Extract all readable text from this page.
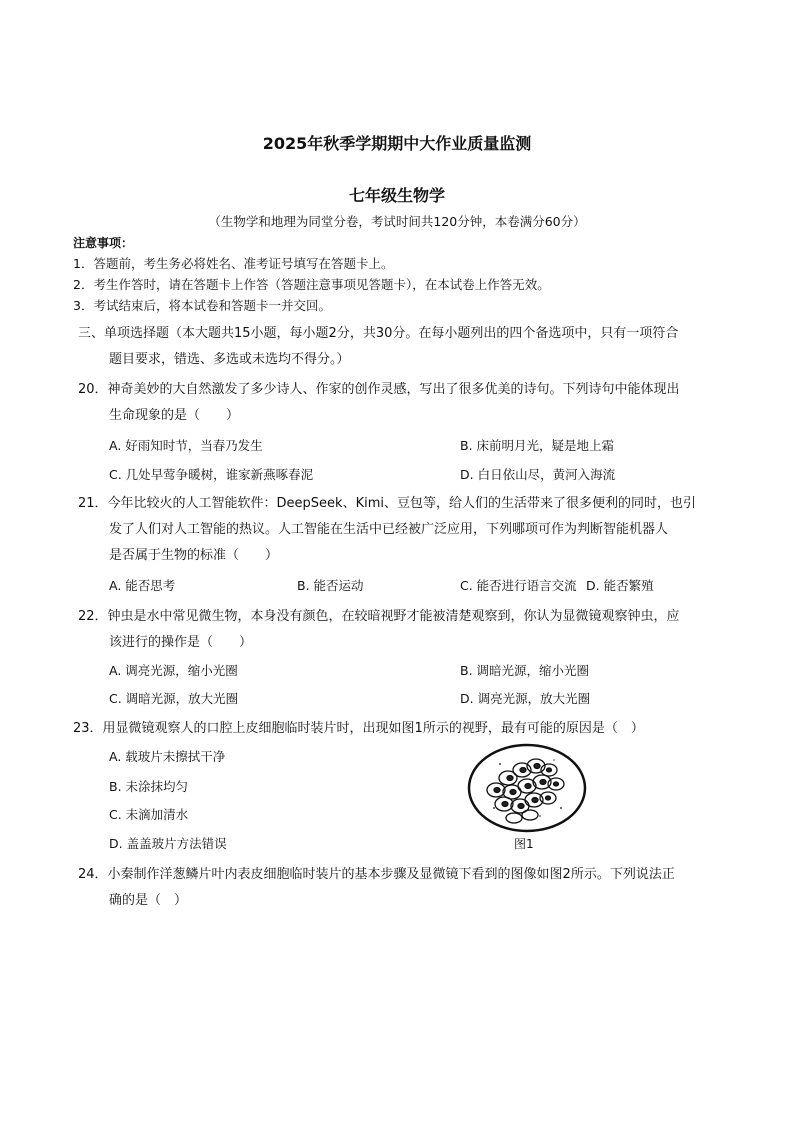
2025年秋季学期期中大作业质量监测
七年级生物学
（生物学和地理为同堂分卷，考试时间共120分钟，本卷满分60分）
注意事项：
1．答题前，考生务必将姓名、准考证号填写在答题卡上。
2．考生作答时，请在答题卡上作答（答题注意事项见答题卡），在本试卷上作答无效。
3．考试结束后，将本试卷和答题卡一并交回。
三、单项选择题（本大题共15小题，每小题2分，共30分。在每小题列出的四个备选项中，只有一项符合
题目要求，错选、多选或未选均不得分。）
20．神奇美妙的大自然激发了多少诗人、作家的创作灵感，写出了很多优美的诗句。下列诗句中能体现出
生命现象的是（　　）
A. 好雨知时节，当春乃发生	B. 床前明月光，疑是地上霜
C. 几处早莺争暖树，谁家新燕啄春泥	D. 白日依山尽，黄河入海流
21．今年比较火的人工智能软件：DeepSeek、Kimi、豆包等，给人们的生活带来了很多便利的同时，也引
发了人们对人工智能的热议。人工智能在生活中已经被广泛应用，下列哪项可作为判断智能机器人
是否属于生物的标准（　　）
A. 能否思考	B. 能否运动	C. 能否进行语言交流 D. 能否繁殖
22．钟虫是水中常见微生物，本身没有颜色，在较暗视野才能被清楚观察到，你认为显微镜观察钟虫，应
该进行的操作是（　　）
A. 调亮光源，缩小光圈	B. 调暗光源，缩小光圈
C. 调暗光源，放大光圈	D. 调亮光源，放大光圈
23．用显微镜观察人的口腔上皮细胞临时装片时，出现如图1所示的视野，最有可能的原因是（　）
A. 载玻片未擦拭干净
B. 未涂抹均匀
C. 未滴加清水
D. 盖盖玻片方法错误	图1
24．小秦制作洋葱鳞片叶内表皮细胞临时装片的基本步骤及显微镜下看到的图像如图2所示。下列说法正
确的是（　）
